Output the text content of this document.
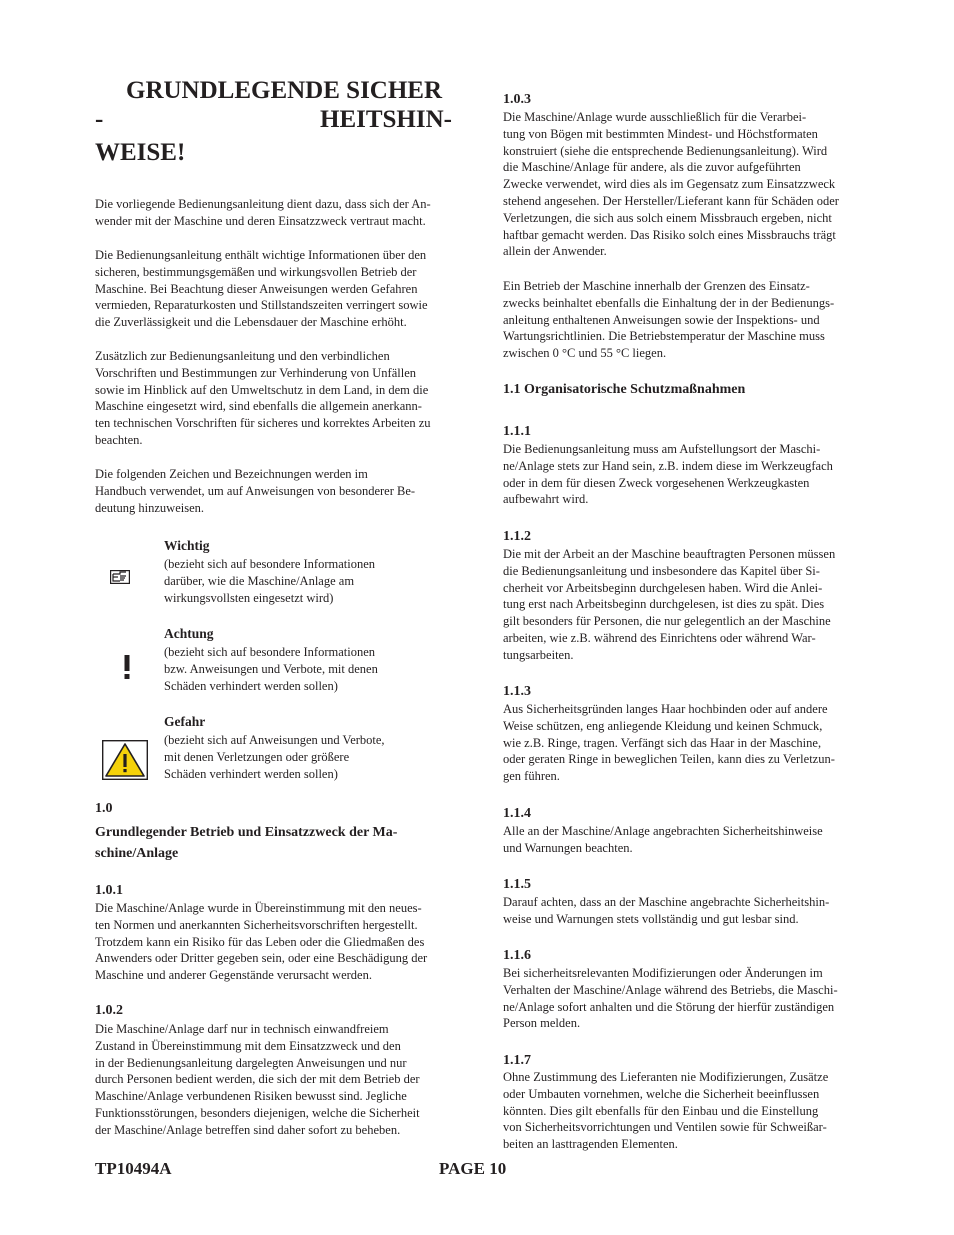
GRUNDLEGENDE SICHER
-	HEITSHIN-
WEISE!
Die vorliegende Bedienungsanleitung dient dazu, dass sich der An-
wender mit der Maschine und deren Einsatzzweck vertraut macht.
Die Bedienungsanleitung enthält wichtige Informationen über den
sicheren, bestimmungsgemäßen und wirkungsvollen Betrieb der
Maschine. Bei Beachtung dieser Anweisungen werden Gefahren
vermieden, Reparaturkosten und Stillstandszeiten verringert sowie
die Zuverlässigkeit und die Lebensdauer der Maschine erhöht.
Zusätzlich zur Bedienungsanleitung und den verbindlichen
Vorschriften und Bestimmungen zur Verhinderung von Unfällen
sowie im Hinblick auf den Umweltschutz in dem Land, in dem die
Maschine eingesetzt wird, sind ebenfalls die allgemein anerkann-
ten technischen Vorschriften für sicheres und korrektes Arbeiten zu
beachten.
Die folgenden Zeichen und Bezeichnungen werden im
Handbuch verwendet, um auf Anweisungen von besonderer Be-
deutung hinzuweisen.
Wichtig
(bezieht sich auf besondere Informationen
darüber, wie die Maschine/Anlage am
wirkungsvollsten eingesetzt wird)
Achtung
(bezieht sich auf besondere Informationen
bzw. Anweisungen und Verbote, mit denen
Schäden verhindert werden sollen)
Gefahr
(bezieht sich auf Anweisungen und Verbote,
mit denen Verletzungen oder größere
Schäden verhindert werden sollen)
1.0
Grundlegender Betrieb und Einsatzzweck der Ma-
schine/Anlage
1.0.1
Die Maschine/Anlage wurde in Übereinstimmung mit den neues-
ten Normen und anerkannten Sicherheitsvorschriften hergestellt.
Trotzdem kann ein Risiko für das Leben oder die Gliedmaßen des
Anwenders oder Dritter gegeben sein, oder eine Beschädigung der
Maschine und anderer Gegenstände verursacht werden.
1.0.2
Die Maschine/Anlage darf nur in technisch einwandfreiem
Zustand in Übereinstimmung mit dem Einsatzzweck und den
in der Bedienungsanleitung dargelegten Anweisungen und nur
durch Personen bedient werden, die sich der mit dem Betrieb der
Maschine/Anlage verbundenen Risiken bewusst sind. Jegliche
Funktionsstörungen, besonders diejenigen, welche die Sicherheit
der Maschine/Anlage betreffen sind daher sofort zu beheben.
1.0.3
Die Maschine/Anlage wurde ausschließlich für die Verarbei-
tung von Bögen mit bestimmten Mindest- und Höchstformaten
konstruiert (siehe die entsprechende Bedienungsanleitung). Wird
die Maschine/Anlage für andere, als die zuvor aufgeführten
Zwecke verwendet, wird dies als im Gegensatz zum Einsatzzweck
stehend angesehen. Der Hersteller/Lieferant kann für Schäden oder
Verletzungen, die sich aus solch einem Missbrauch ergeben, nicht
haftbar gemacht werden. Das Risiko solch eines Missbrauchs trägt
allein der Anwender.
Ein Betrieb der Maschine innerhalb der Grenzen des Einsatz-
zwecks beinhaltet ebenfalls die Einhaltung der in der Bedienungs-
anleitung enthaltenen Anweisungen sowie der Inspektions- und
Wartungsrichtlinien. Die Betriebstemperatur der Maschine muss
zwischen 0 °C und 55 °C liegen.
1.1 Organisatorische Schutzmaßnahmen
1.1.1
Die Bedienungsanleitung muss am Aufstellungsort der Maschi-
ne/Anlage stets zur Hand sein, z.B. indem diese im Werkzeugfach
oder in dem für diesen Zweck vorgesehenen Werkzeugkasten
aufbewahrt wird.
1.1.2
Die mit der Arbeit an der Maschine beauftragten Personen müssen
die Bedienungsanleitung und insbesondere das Kapitel über Si-
cherheit vor Arbeitsbeginn durchgelesen haben. Wird die Anlei-
tung erst nach Arbeitsbeginn durchgelesen, ist dies zu spät. Dies
gilt besonders für Personen, die nur gelegentlich an der Maschine
arbeiten, wie z.B. während des Einrichtens oder während War-
tungsarbeiten.
1.1.3
Aus Sicherheitsgründen langes Haar hochbinden oder auf andere
Weise schützen, eng anliegende Kleidung und keinen Schmuck,
wie z.B. Ringe, tragen. Verfängt sich das Haar in der Maschine,
oder geraten Ringe in beweglichen Teilen, kann dies zu Verletzun-
gen führen.
1.1.4
Alle an der Maschine/Anlage angebrachten Sicherheitshinweise
und Warnungen beachten.
1.1.5
Darauf achten, dass an der Maschine angebrachte Sicherheitshin-
weise und Warnungen stets vollständig und gut lesbar sind.
1.1.6
Bei sicherheitsrelevanten Modifizierungen oder Änderungen im
Verhalten der Maschine/Anlage während des Betriebs, die Maschi-
ne/Anlage sofort anhalten und die Störung der hierfür zuständigen
Person melden.
1.1.7
Ohne Zustimmung des Lieferanten nie Modifizierungen, Zusätze
oder Umbauten vornehmen, welche die Sicherheit beeinflussen
könnten. Dies gilt ebenfalls für den Einbau und die Einstellung
von Sicherheitsvorrichtungen und Ventilen sowie für Schweißar-
beiten an lasttragenden Elementen.
TP10494A	PAGE 10
